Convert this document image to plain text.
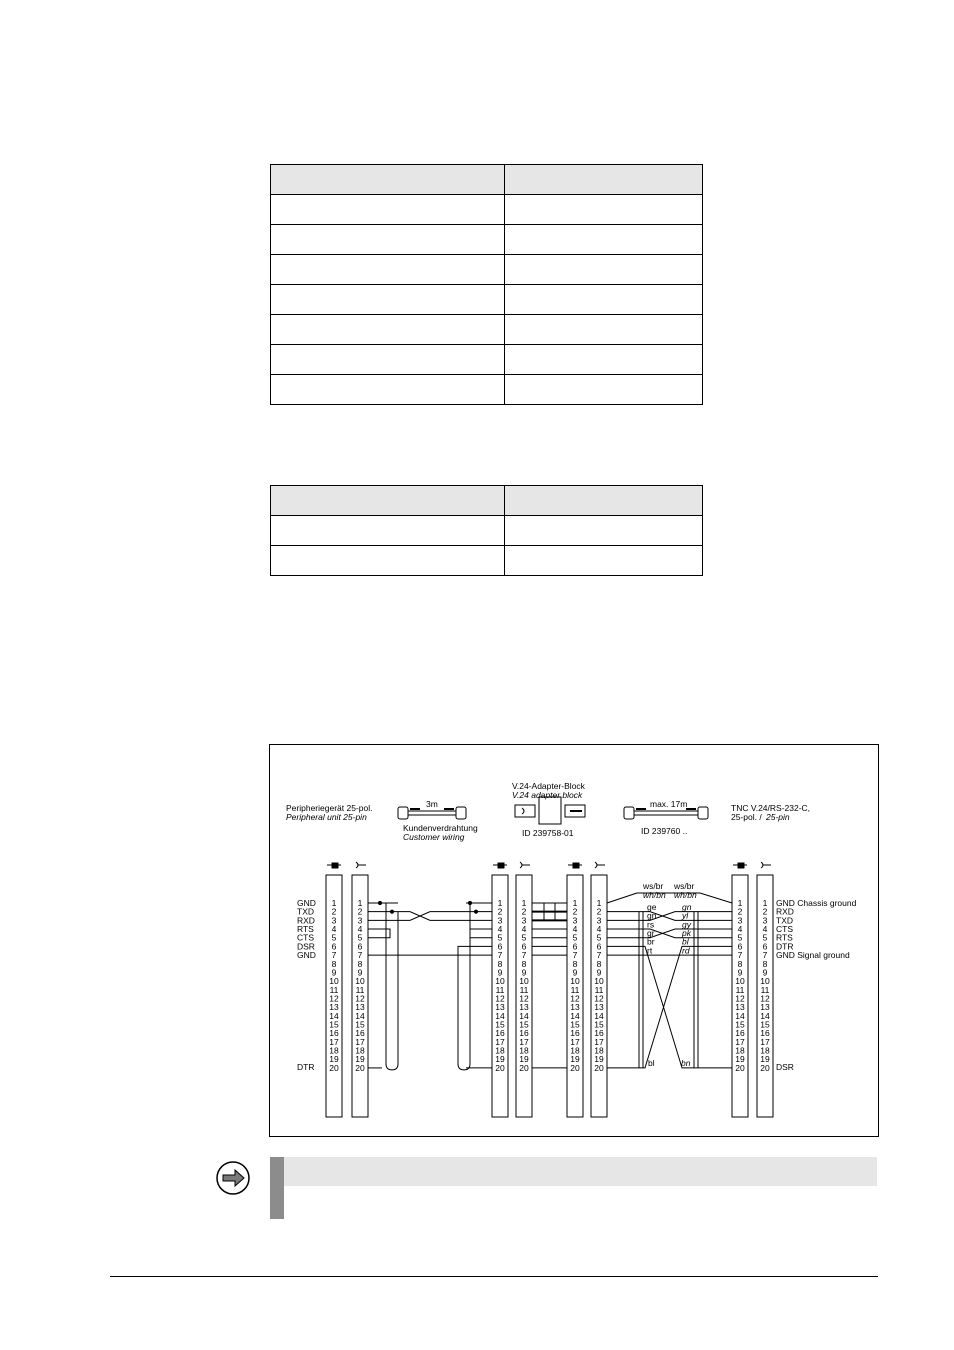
Peripheriegerät 25-pol.
Peripheral unit 25-pin
3m
Kundenverdrahtung
Customer wiring
V.24-Adapter-Block
V.24 adapter block
ID 239758-01
max. 17m
ID 239760 ..
TNC V.24/RS-232-C,
25-pol. / 25-pin
1
2
3
4
5
6
7
8
9
10
11
12
13
14
15
16
17
18
19
20
1
2
3
4
5
6
7
8
9
10
11
12
13
14
15
16
17
18
19
20
1
2
3
4
5
6
7
8
9
10
11
12
13
14
15
16
17
18
19
20
1
2
3
4
5
6
7
8
9
10
11
12
13
14
15
16
17
18
19
20
1
2
3
4
5
6
7
8
9
10
11
12
13
14
15
16
17
18
19
20
1
2
3
4
5
6
7
8
9
10
11
12
13
14
15
16
17
18
19
20
1
2
3
4
5
6
7
8
9
10
11
12
13
14
15
16
17
18
19
20
1
2
3
4
5
6
7
8
9
10
11
12
13
14
15
16
17
18
19
20
GND
TXD
RXD
RTS
CTS
DSR
GND
DTR
GND Chassis ground
RXD
TXD
CTS
RTS
DTR
GND Signal ground
DSR
ws/br
wh/bn
ws/br
wh/bn
ge	gn
gn	yl
rs	gy
gr	pk
br	bl
rt	rd
bl	bn
